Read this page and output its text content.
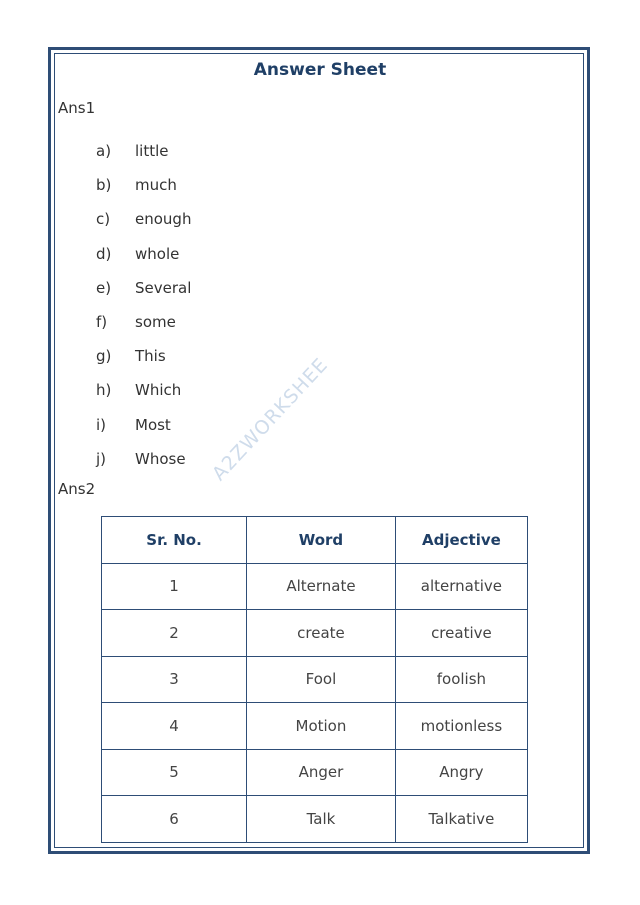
A2ZWORKSHEE
Answer Sheet
Ans1
a)	little
b)	much
c)	enough
d)	whole
e)	Several
f)	some
g)	This
h)	Which
i)	Most
j)	Whose
Ans2
Sr. No.	Word	Adjective
1	Alternate	alternative
2	create	creative
3	Fool	foolish
4	Motion	motionless
5	Anger	Angry
6	Talk	Talkative
